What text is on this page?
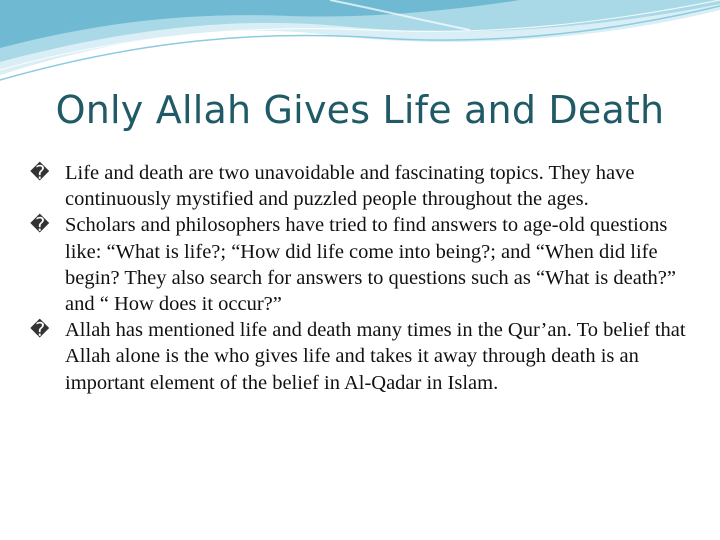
Only Allah Gives Life and Death

� Life and death are two unavoidable and fascinating topics. They have continuously mystified and puzzled people throughout the ages.

� Scholars and philosophers have tried to find answers to age-old questions like: “What is life?; “How did life come into being?; and “When did life begin? They also search for answers to questions such as “What is death?” and “ How does it occur?”

� Allah has mentioned life and death many times in the Qur’an. To belief that Allah alone is the who gives life and takes it away through death is an important element of the belief in Al-Qadar in Islam.
